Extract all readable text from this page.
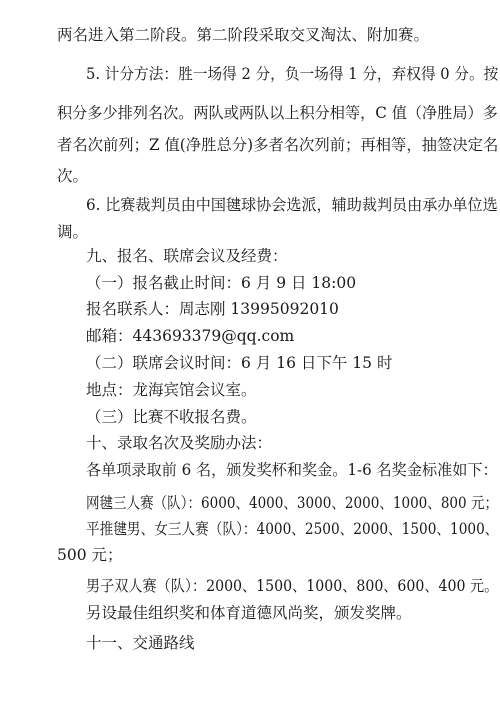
两名进入第二阶段。第二阶段采取交叉淘汰、附加赛。
5. 计分方法：胜一场得 2 分，负一场得 1 分，弃权得 0 分。按
积分多少排列名次。两队或两队以上积分相等，C 值（净胜局）多
者名次前列；Z 值(净胜总分)多者名次列前；再相等，抽签决定名
次。
6. 比赛裁判员由中国毽球协会选派，辅助裁判员由承办单位选
调。
九、报名、联席会议及经费：
（一）报名截止时间：6 月 9 日 18:00
报名联系人：周志刚 13995092010
邮箱：443693379@qq.com
（二）联席会议时间：6 月 16 日下午 15 时
地点：龙海宾馆会议室。
（三）比赛不收报名费。
十、录取名次及奖励办法：
各单项录取前 6 名，颁发奖杯和奖金。1-6 名奖金标准如下：
网毽三人赛（队）：6000、4000、3000、2000、1000、800 元；
平推毽男、女三人赛（队）：4000、2500、2000、1500、1000、
500 元；
男子双人赛（队）：2000、1500、1000、800、600、400 元。
另设最佳组织奖和体育道德风尚奖，颁发奖牌。
十一、交通路线
